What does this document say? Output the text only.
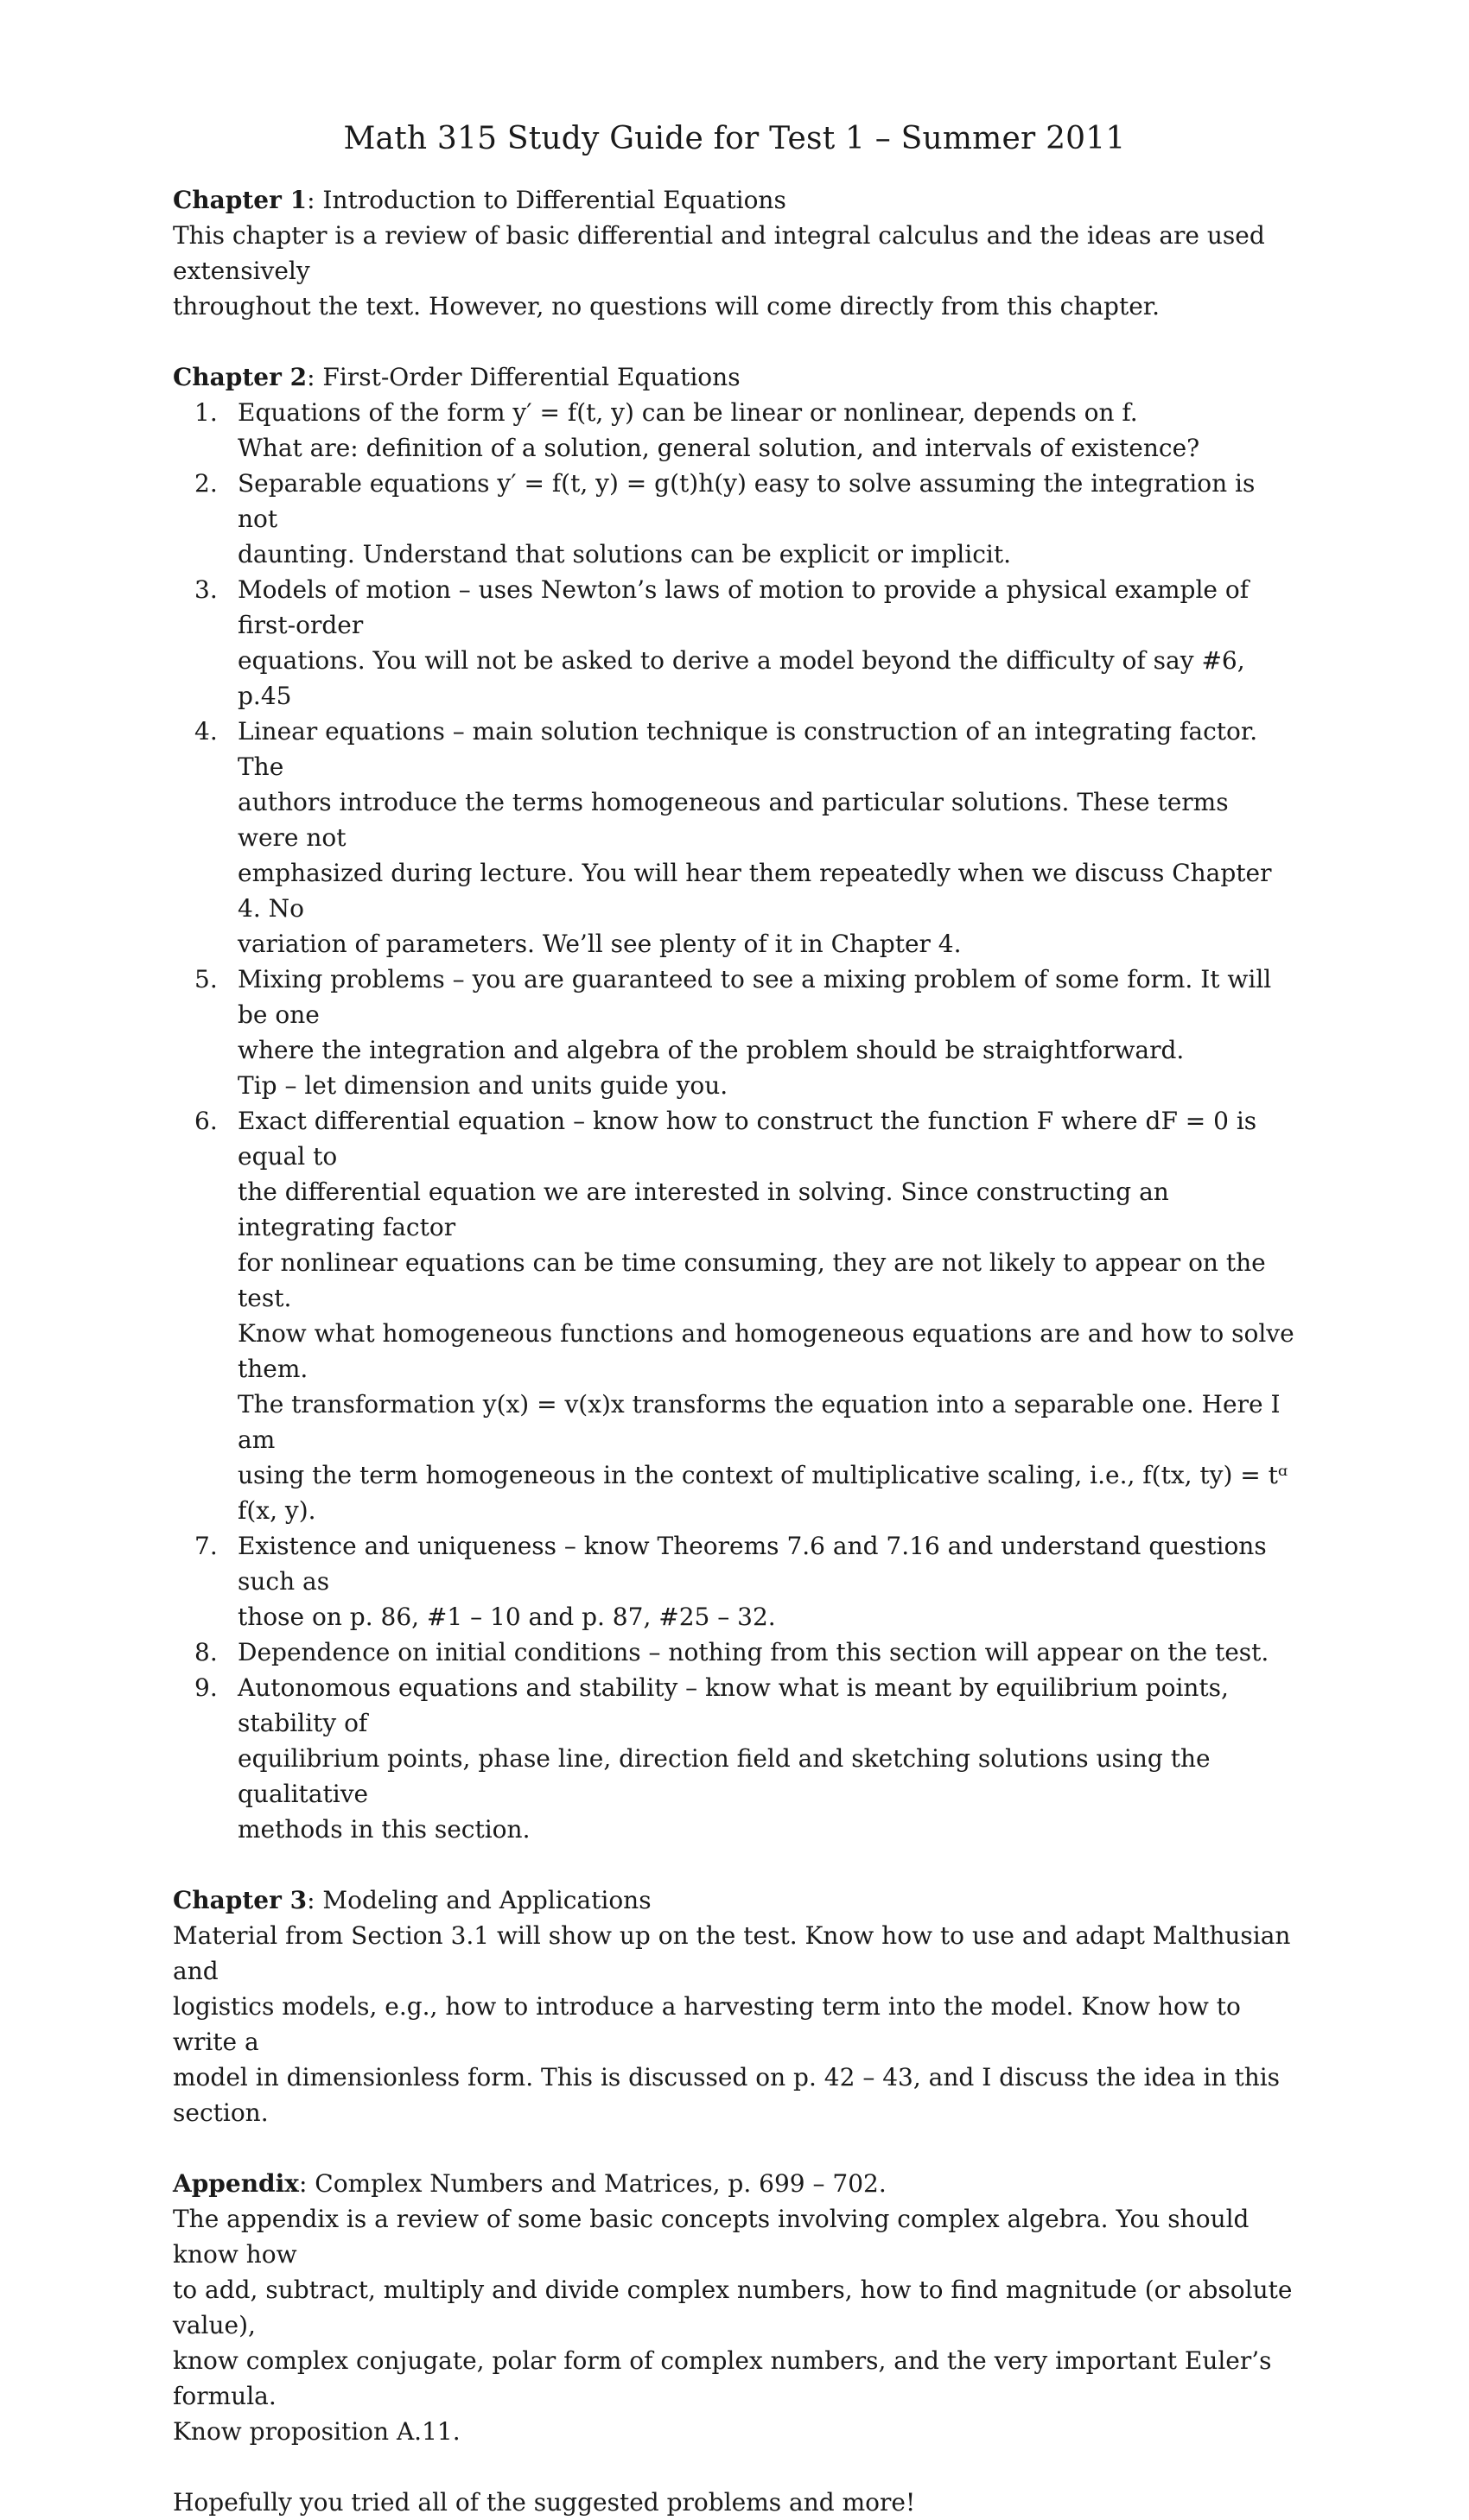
Math 315 Study Guide for Test 1 – Summer 2011

Chapter 1: Introduction to Differential Equations

This chapter is a review of basic differential and integral calculus and the ideas are used extensively

throughout the text. However, no questions will come directly from this chapter.

Chapter 2: First-Order Differential Equations

1. Equations of the form y′ = f(t, y) can be linear or nonlinear, depends on f.
What are: definition of a solution, general solution, and intervals of existence?
2. Separable equations y′ = f(t, y) = g(t)h(y) easy to solve assuming the integration is not
daunting. Understand that solutions can be explicit or implicit.
3. Models of motion – uses Newton’s laws of motion to provide a physical example of first-order
equations. You will not be asked to derive a model beyond the difficulty of say #6, p.45
4. Linear equations – main solution technique is construction of an integrating factor. The
authors introduce the terms homogeneous and particular solutions. These terms were not
emphasized during lecture. You will hear them repeatedly when we discuss Chapter 4. No
variation of parameters. We’ll see plenty of it in Chapter 4.
5. Mixing problems – you are guaranteed to see a mixing problem of some form. It will be one
where the integration and algebra of the problem should be straightforward.
Tip – let dimension and units guide you.
6. Exact differential equation – know how to construct the function F where dF = 0 is equal to
the differential equation we are interested in solving. Since constructing an integrating factor
for nonlinear equations can be time consuming, they are not likely to appear on the test.
Know what homogeneous functions and homogeneous equations are and how to solve them.
The transformation y(x) = v(x)x transforms the equation into a separable one. Here I am
using the term homogeneous in the context of multiplicative scaling, i.e., f(tx, ty) = tᵅ f(x, y).
7. Existence and uniqueness – know Theorems 7.6 and 7.16 and understand questions such as
those on p. 86, #1 – 10 and p. 87, #25 – 32.
8. Dependence on initial conditions – nothing from this section will appear on the test.
9. Autonomous equations and stability – know what is meant by equilibrium points, stability of
equilibrium points, phase line, direction field and sketching solutions using the qualitative
methods in this section.

Chapter 3: Modeling and Applications

Material from Section 3.1 will show up on the test. Know how to use and adapt Malthusian and

logistics models, e.g., how to introduce a harvesting term into the model. Know how to write a

model in dimensionless form. This is discussed on p. 42 – 43, and I discuss the idea in this section.

Appendix: Complex Numbers and Matrices, p. 699 – 702.

The appendix is a review of some basic concepts involving complex algebra. You should know how

to add, subtract, multiply and divide complex numbers, how to find magnitude (or absolute value),

know complex conjugate, polar form of complex numbers, and the very important Euler’s formula.

Know proposition A.11.

Hopefully you tried all of the suggested problems and more!
